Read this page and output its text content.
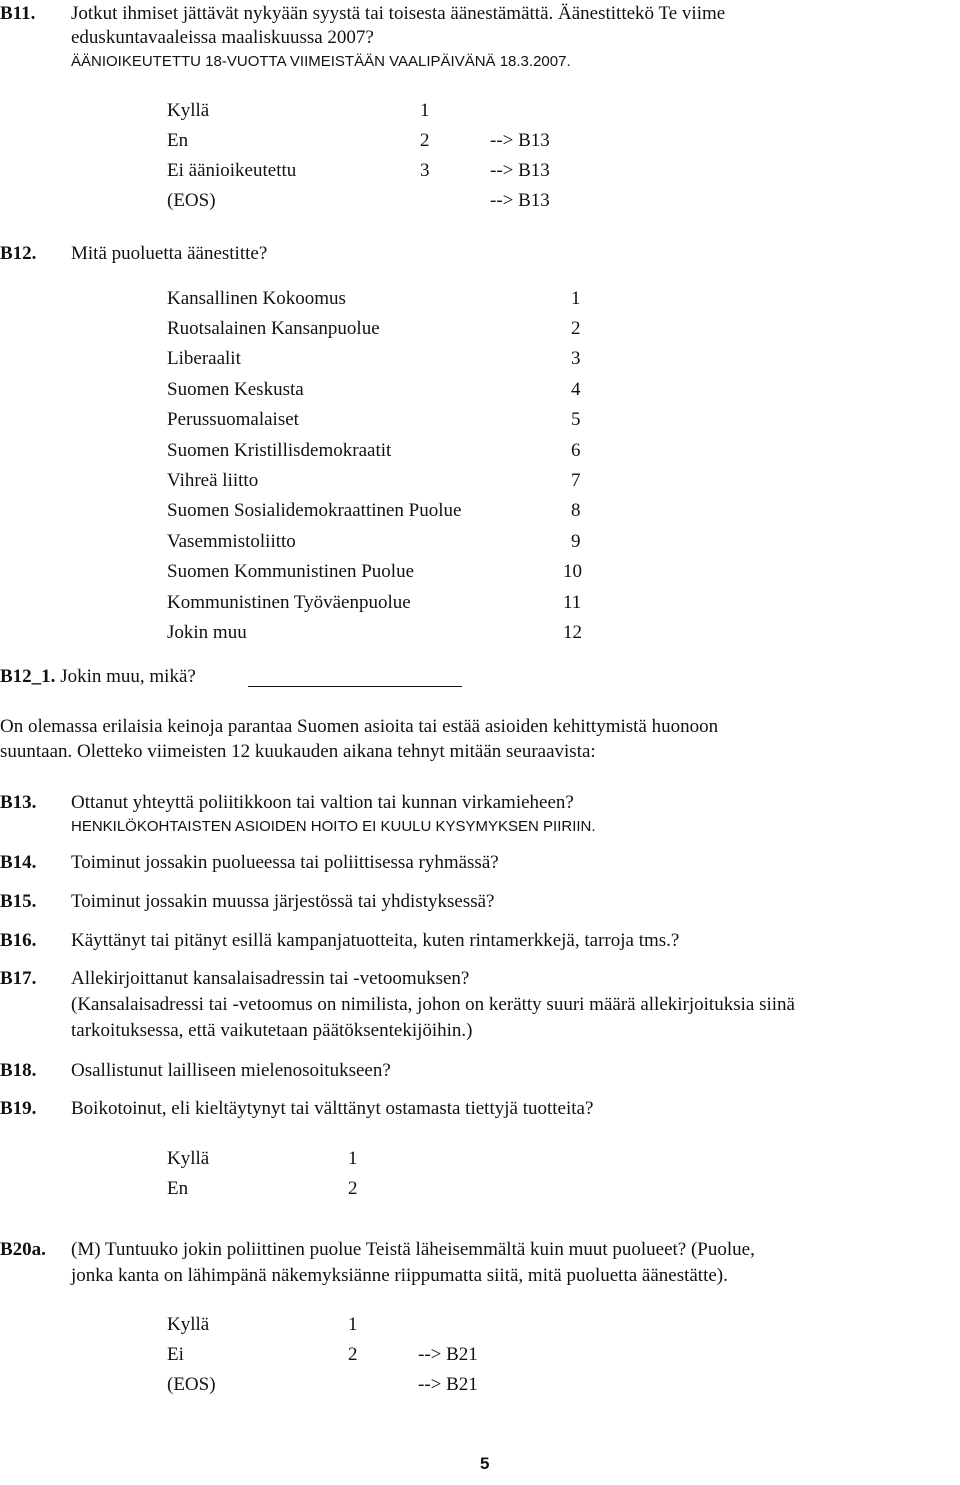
B11. Jotkut ihmiset jättävät nykyään syystä tai toisesta äänestämättä. Äänestittekö Te viime
eduskuntavaaleissa maaliskuussa 2007?
ÄÄNIOIKEUTETTU 18-VUOTTA VIIMEISTÄÄN VAALIPÄIVÄNÄ 18.3.2007.
Kyllä	1
En	2	--> B13
Ei äänioikeutettu	3	--> B13
(EOS)	--> B13
B12. Mitä puoluetta äänestitte?
Kansallinen Kokoomus	1
Ruotsalainen Kansanpuolue	2
Liberaalit	3
Suomen Keskusta	4
Perussuomalaiset	5
Suomen Kristillisdemokraatit	6
Vihreä liitto	7
Suomen Sosialidemokraattinen Puolue	8
Vasemmistoliitto	9
Suomen Kommunistinen Puolue	10
Kommunistinen Työväenpuolue	11
Jokin muu	12
B12_1. Jokin muu, mikä?
On olemassa erilaisia keinoja parantaa Suomen asioita tai estää asioiden kehittymistä huonoon
suuntaan. Oletteko viimeisten 12 kuukauden aikana tehnyt mitään seuraavista:
B13. Ottanut yhteyttä poliitikkoon tai valtion tai kunnan virkamieheen?
HENKILÖKOHTAISTEN ASIOIDEN HOITO EI KUULU KYSYMYKSEN PIIRIIN.
B14. Toiminut jossakin puolueessa tai poliittisessa ryhmässä?
B15. Toiminut jossakin muussa järjestössä tai yhdistyksessä?
B16. Käyttänyt tai pitänyt esillä kampanjatuotteita, kuten rintamerkkejä, tarroja tms.?
B17. Allekirjoittanut kansalaisadressin tai -vetoomuksen?
(Kansalaisadressi tai -vetoomus on nimilista, johon on kerätty suuri määrä allekirjoituksia siinä
tarkoituksessa, että vaikutetaan päätöksentekijöihin.)
B18. Osallistunut lailliseen mielenosoitukseen?
B19. Boikotoinut, eli kieltäytynyt tai välttänyt ostamasta tiettyjä tuotteita?
Kyllä	1
En	2
B20a. (M) Tuntuuko jokin poliittinen puolue Teistä läheisemmältä kuin muut puolueet? (Puolue,
jonka kanta on lähimpänä näkemyksiänne riippumatta siitä, mitä puoluetta äänestätte).
Kyllä	1
Ei	2	--> B21
(EOS)	--> B21
5
